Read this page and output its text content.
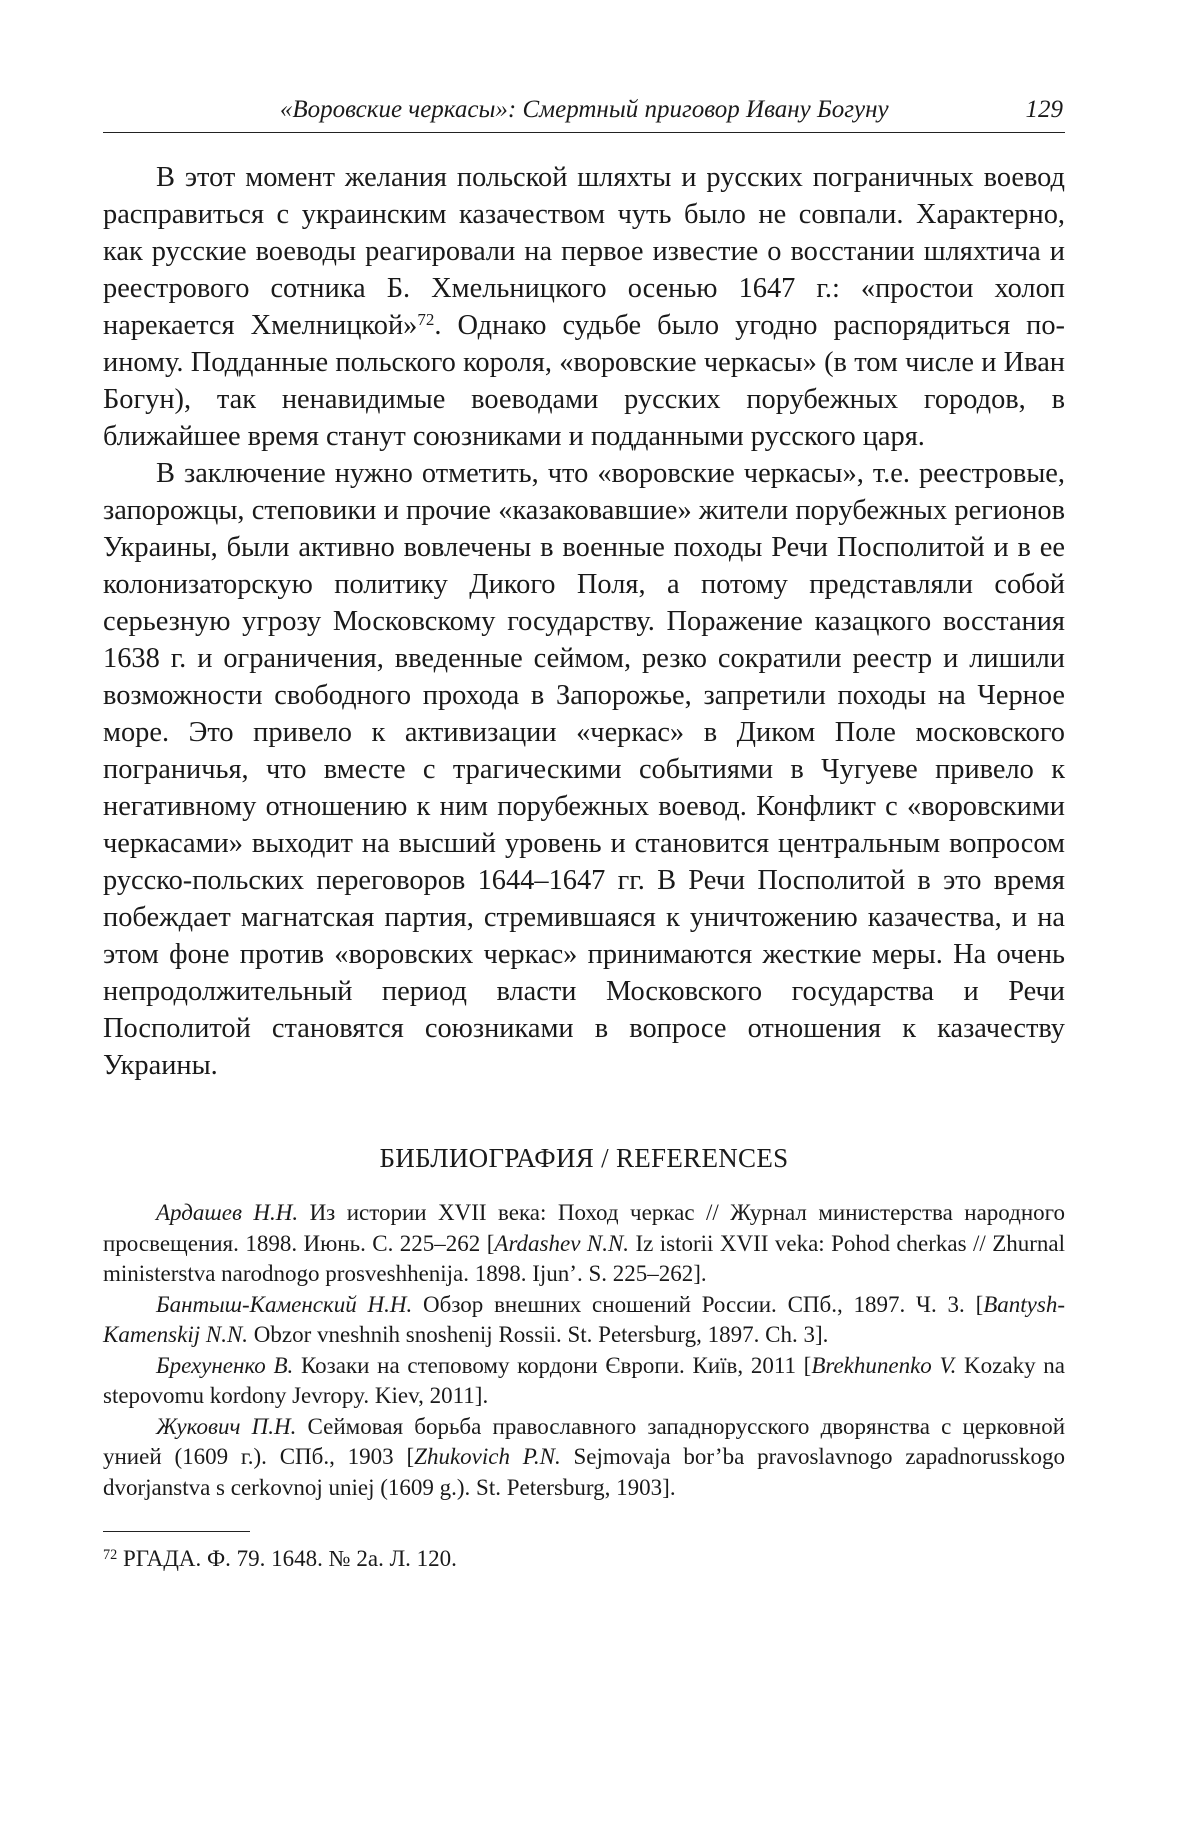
«Воровские черкасы»: Смертный приговор Ивану Богуну	129

В этот момент желания польской шляхты и русских пограничных воевод расправиться с украинским казачеством чуть было не совпали. Характерно, как русские воеводы реагировали на первое известие о восстании шляхтича и реестрового сотника Б. Хмельницкого осенью 1647 г.: «простои холоп нарекается Хмелницкой»72. Однако судьбе было угодно распорядиться по-иному. Подданные польского короля, «воровские черкасы» (в том числе и Иван Богун), так ненавидимые воеводами русских порубежных городов, в ближайшее время станут союзниками и подданными русского царя.

В заключение нужно отметить, что «воровские черкасы», т.е. реестровые, запорожцы, степовики и прочие «казаковавшие» жители порубежных регионов Украины, были активно вовлечены в военные походы Речи Посполитой и в ее колонизаторскую политику Дикого Поля, а потому представляли собой серьезную угрозу Московскому государству. Поражение казацкого восстания 1638 г. и ограничения, введенные сеймом, резко сократили реестр и лишили возможности свободного прохода в Запорожье, запретили походы на Черное море. Это привело к активизации «черкас» в Диком Поле московского пограничья, что вместе с трагическими событиями в Чугуеве привело к негативному отношению к ним порубежных воевод. Конфликт с «воровскими черкасами» выходит на высший уровень и становится центральным вопросом русско-польских переговоров 1644–1647 гг. В Речи Посполитой в это время побеждает магнатская партия, стремившаяся к уничтожению казачества, и на этом фоне против «воровских черкас» принимаются жесткие меры. На очень непродолжительный период власти Московского государства и Речи Посполитой становятся союзниками в вопросе отношения к казачеству Украины.

БИБЛИОГРАФИЯ / REFERENCES

Ардашев Н.Н. Из истории XVII века: Поход черкас // Журнал министерства народного просвещения. 1898. Июнь. С. 225–262 [Ardashev N.N. Iz istorii XVII veka: Pohod cherkas // Zhurnal ministerstva narodnogo prosveshhenija. 1898. Ijun’. S. 225–262].

Бантыш-Каменский Н.Н. Обзор внешних сношений России. СПб., 1897. Ч. 3. [Bantysh-Kamenskij N.N. Obzor vneshnih snoshenij Rossii. St. Petersburg, 1897. Ch. 3].

Брехуненко В. Козаки на степовому кордони Європи. Київ, 2011 [Brekhunenko V. Kozaky na stepovomu kordony Jevropy. Kiev, 2011].

Жукович П.Н. Сеймовая борьба православного западнорусского дворянства с церковной унией (1609 г.). СПб., 1903 [Zhukovich P.N. Sejmovaja bor’ba pravoslavnogo zapadnorusskogo dvorjanstva s cerkovnoj uniej (1609 g.). St. Petersburg, 1903].

72 РГАДА. Ф. 79. 1648. № 2а. Л. 120.
